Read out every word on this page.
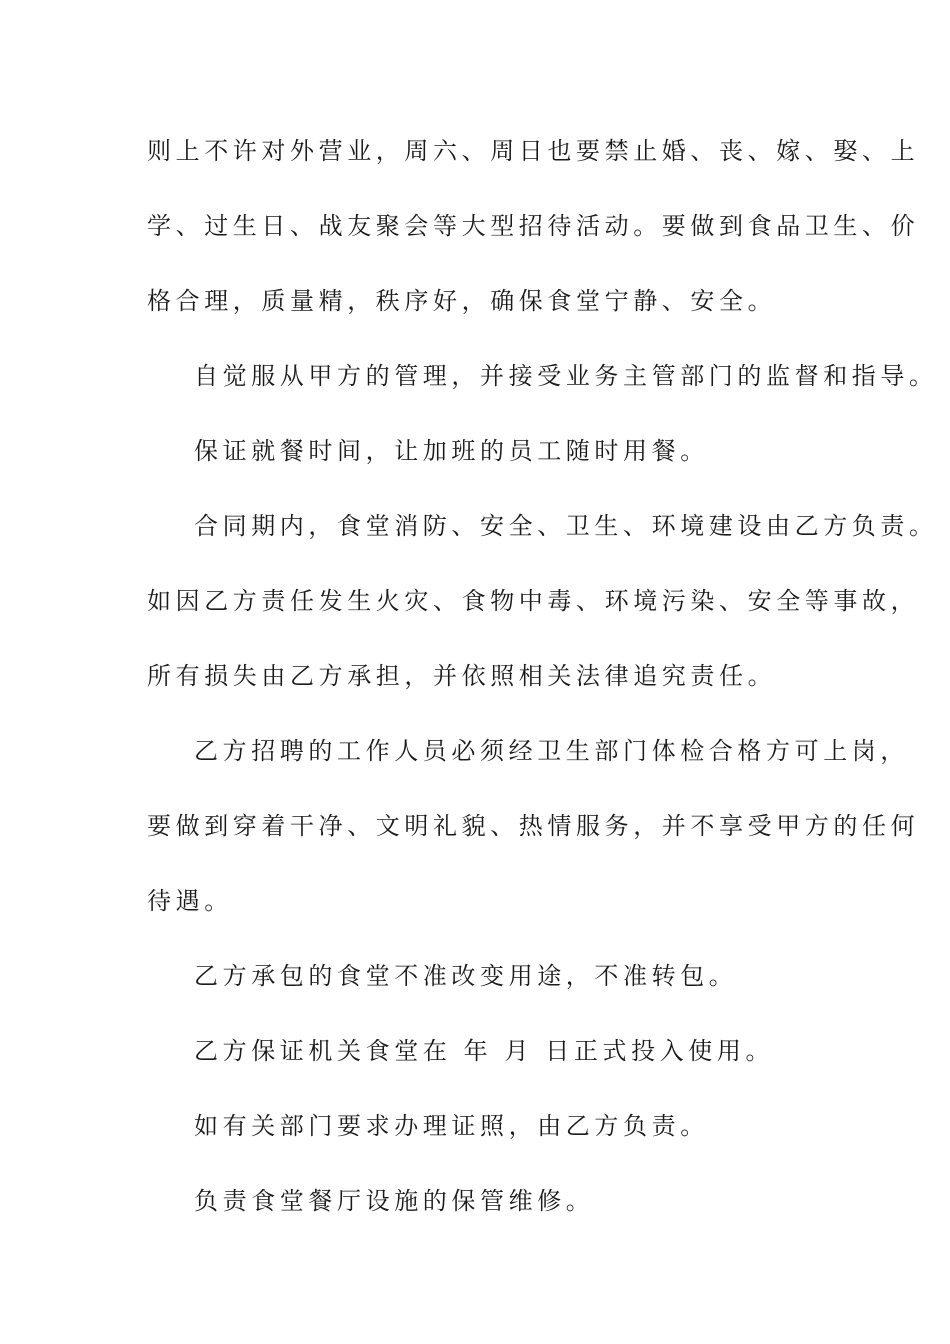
则上不许对外营业，周六、周日也要禁止婚、丧、嫁、娶、上
学、过生日、战友聚会等大型招待活动。要做到食品卫生、价
格合理，质量精，秩序好，确保食堂宁静、安全。
自觉服从甲方的管理，并接受业务主管部门的监督和指导。
保证就餐时间，让加班的员工随时用餐。
合同期内，食堂消防、安全、卫生、环境建设由乙方负责。
如因乙方责任发生火灾、食物中毒、环境污染、安全等事故，
所有损失由乙方承担，并依照相关法律追究责任。
乙方招聘的工作人员必须经卫生部门体检合格方可上岗，
要做到穿着干净、文明礼貌、热情服务，并不享受甲方的任何
待遇。
乙方承包的食堂不准改变用途，不准转包。
乙方保证机关食堂在 年 月 日正式投入使用。
如有关部门要求办理证照，由乙方负责。
负责食堂餐厅设施的保管维修。
